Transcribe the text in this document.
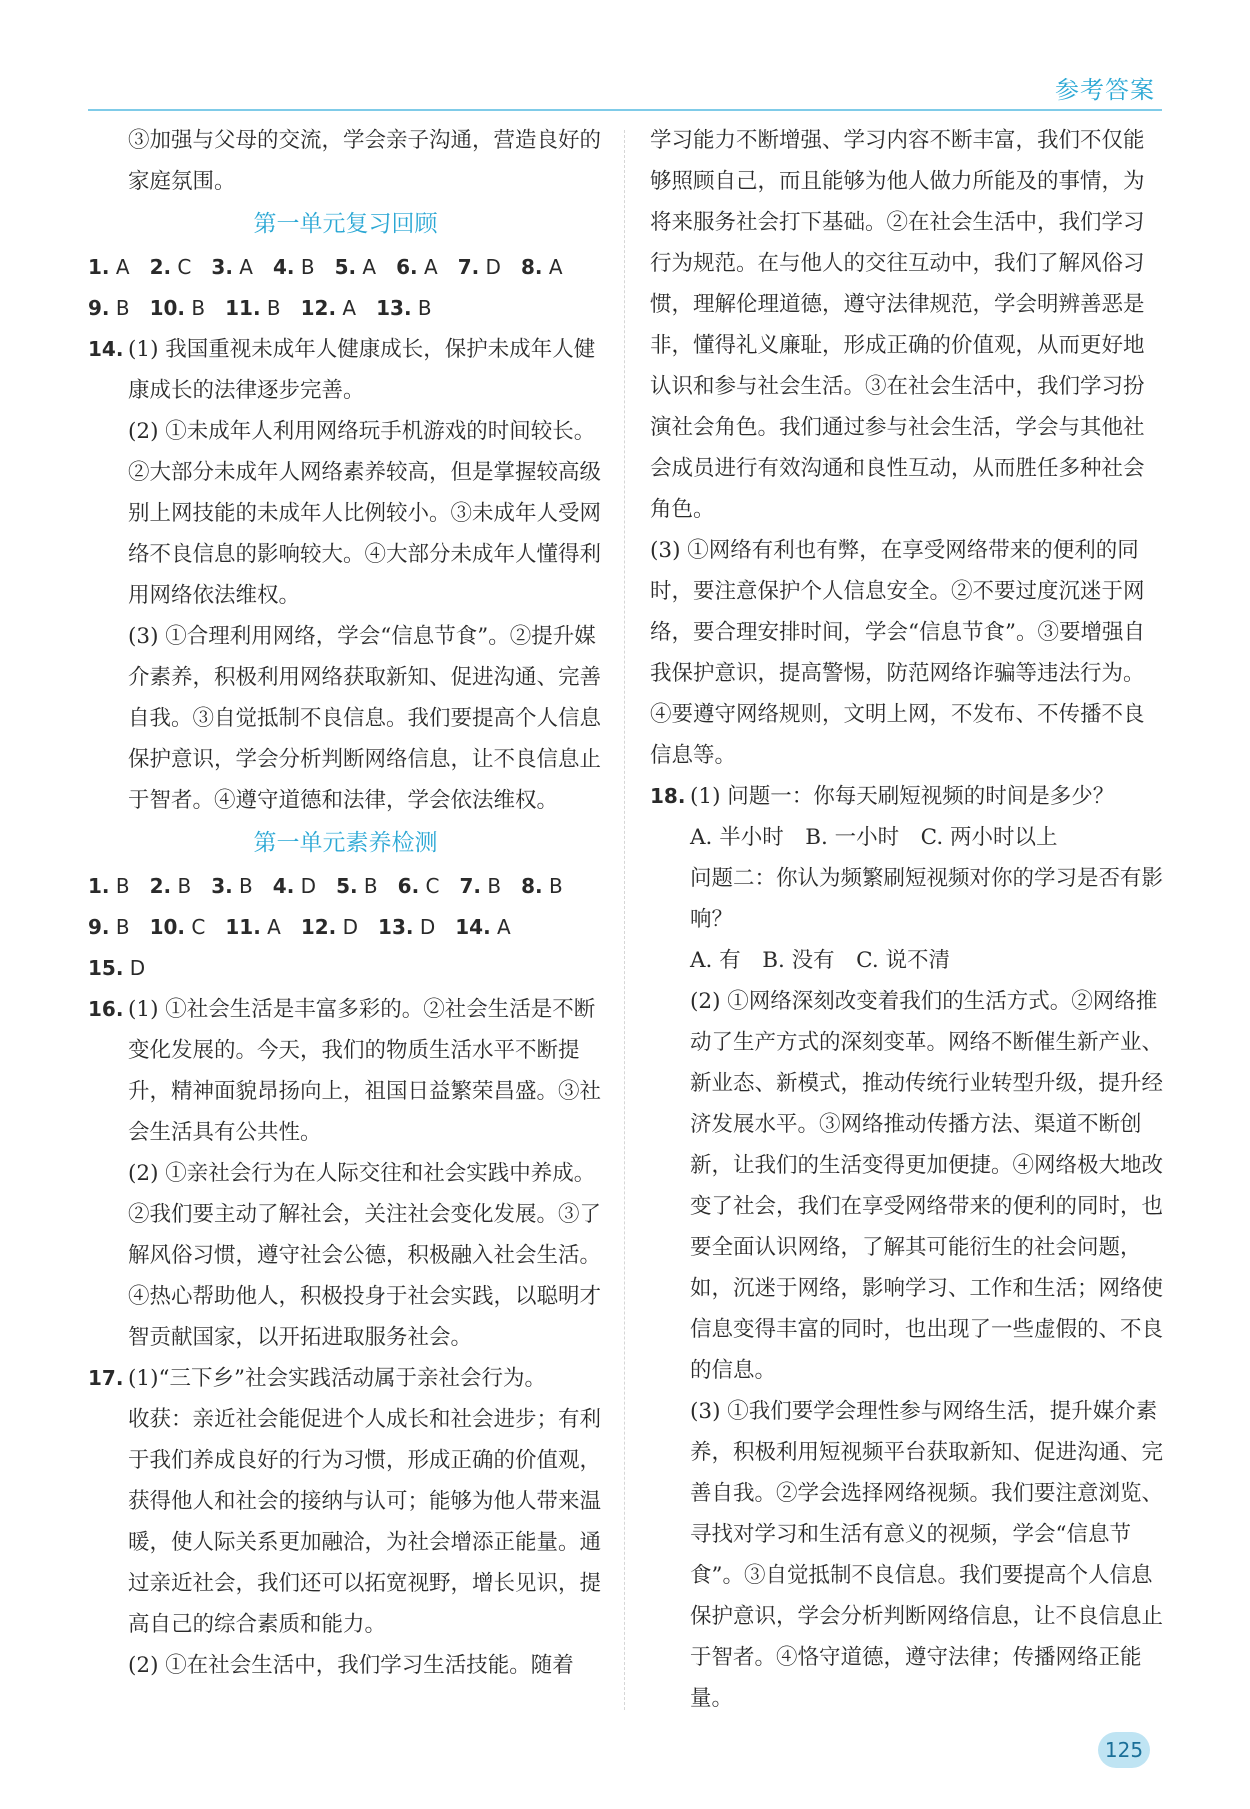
参考答案

③加强与父母的交流，学会亲子沟通，营造良好的家庭氛围。

第一单元复习回顾
1. A 2. C 3. A 4. B 5. A 6. A 7. D 8. A
9. B 10. B 11. B 12. A 13. B
14. (1) 我国重视未成年人健康成长，保护未成年人健康成长的法律逐步完善。

(2) ①未成年人利用网络玩手机游戏的时间较长。②大部分未成年人网络素养较高，但是掌握较高级别上网技能的未成年人比例较小。③未成年人受网络不良信息的影响较大。④大部分未成年人懂得利用网络依法维权。

(3) ①合理利用网络，学会“信息节食”。②提升媒介素养，积极利用网络获取新知、促进沟通、完善自我。③自觉抵制不良信息。我们要提高个人信息保护意识，学会分析判断网络信息，让不良信息止于智者。④遵守道德和法律，学会依法维权。

第一单元素养检测
1. B 2. B 3. B 4. D 5. B 6. C 7. B 8. B
9. B 10. C 11. A 12. D 13. D 14. A
15. D
16. (1) ①社会生活是丰富多彩的。②社会生活是不断变化发展的。今天，我们的物质生活水平不断提升，精神面貌昂扬向上，祖国日益繁荣昌盛。③社会生活具有公共性。

(2) ①亲社会行为在人际交往和社会实践中养成。②我们要主动了解社会，关注社会变化发展。③了解风俗习惯，遵守社会公德，积极融入社会生活。④热心帮助他人，积极投身于社会实践，以聪明才智贡献国家，以开拓进取服务社会。

17. (1)“三下乡”社会实践活动属于亲社会行为。

收获：亲近社会能促进个人成长和社会进步；有利于我们养成良好的行为习惯，形成正确的价值观，获得他人和社会的接纳与认可；能够为他人带来温暖，使人际关系更加融洽，为社会增添正能量。通过亲近社会，我们还可以拓宽视野，增长见识，提高自己的综合素质和能力。

(2) ①在社会生活中，我们学习生活技能。随着

学习能力不断增强、学习内容不断丰富，我们不仅能够照顾自己，而且能够为他人做力所能及的事情，为将来服务社会打下基础。②在社会生活中，我们学习行为规范。在与他人的交往互动中，我们了解风俗习惯，理解伦理道德，遵守法律规范，学会明辨善恶是非，懂得礼义廉耻，形成正确的价值观，从而更好地认识和参与社会生活。③在社会生活中，我们学习扮演社会角色。我们通过参与社会生活，学会与其他社会成员进行有效沟通和良性互动，从而胜任多种社会角色。

(3) ①网络有利也有弊，在享受网络带来的便利的同时，要注意保护个人信息安全。②不要过度沉迷于网络，要合理安排时间，学会“信息节食”。③要增强自我保护意识，提高警惕，防范网络诈骗等违法行为。④要遵守网络规则，文明上网，不发布、不传播不良信息等。

18. (1) 问题一：你每天刷短视频的时间是多少？

A. 半小时　B. 一小时　C. 两小时以上

问题二：你认为频繁刷短视频对你的学习是否有影响？

A. 有　B. 没有　C. 说不清

(2) ①网络深刻改变着我们的生活方式。②网络推动了生产方式的深刻变革。网络不断催生新产业、新业态、新模式，推动传统行业转型升级，提升经济发展水平。③网络推动传播方法、渠道不断创新，让我们的生活变得更加便捷。④网络极大地改变了社会，我们在享受网络带来的便利的同时，也要全面认识网络，了解其可能衍生的社会问题，如，沉迷于网络，影响学习、工作和生活；网络使信息变得丰富的同时，也出现了一些虚假的、不良的信息。

(3) ①我们要学会理性参与网络生活，提升媒介素养，积极利用短视频平台获取新知、促进沟通、完善自我。②学会选择网络视频。我们要注意浏览、寻找对学习和生活有意义的视频，学会“信息节食”。③自觉抵制不良信息。我们要提高个人信息保护意识，学会分析判断网络信息，让不良信息止于智者。④恪守道德，遵守法律；传播网络正能量。

125
